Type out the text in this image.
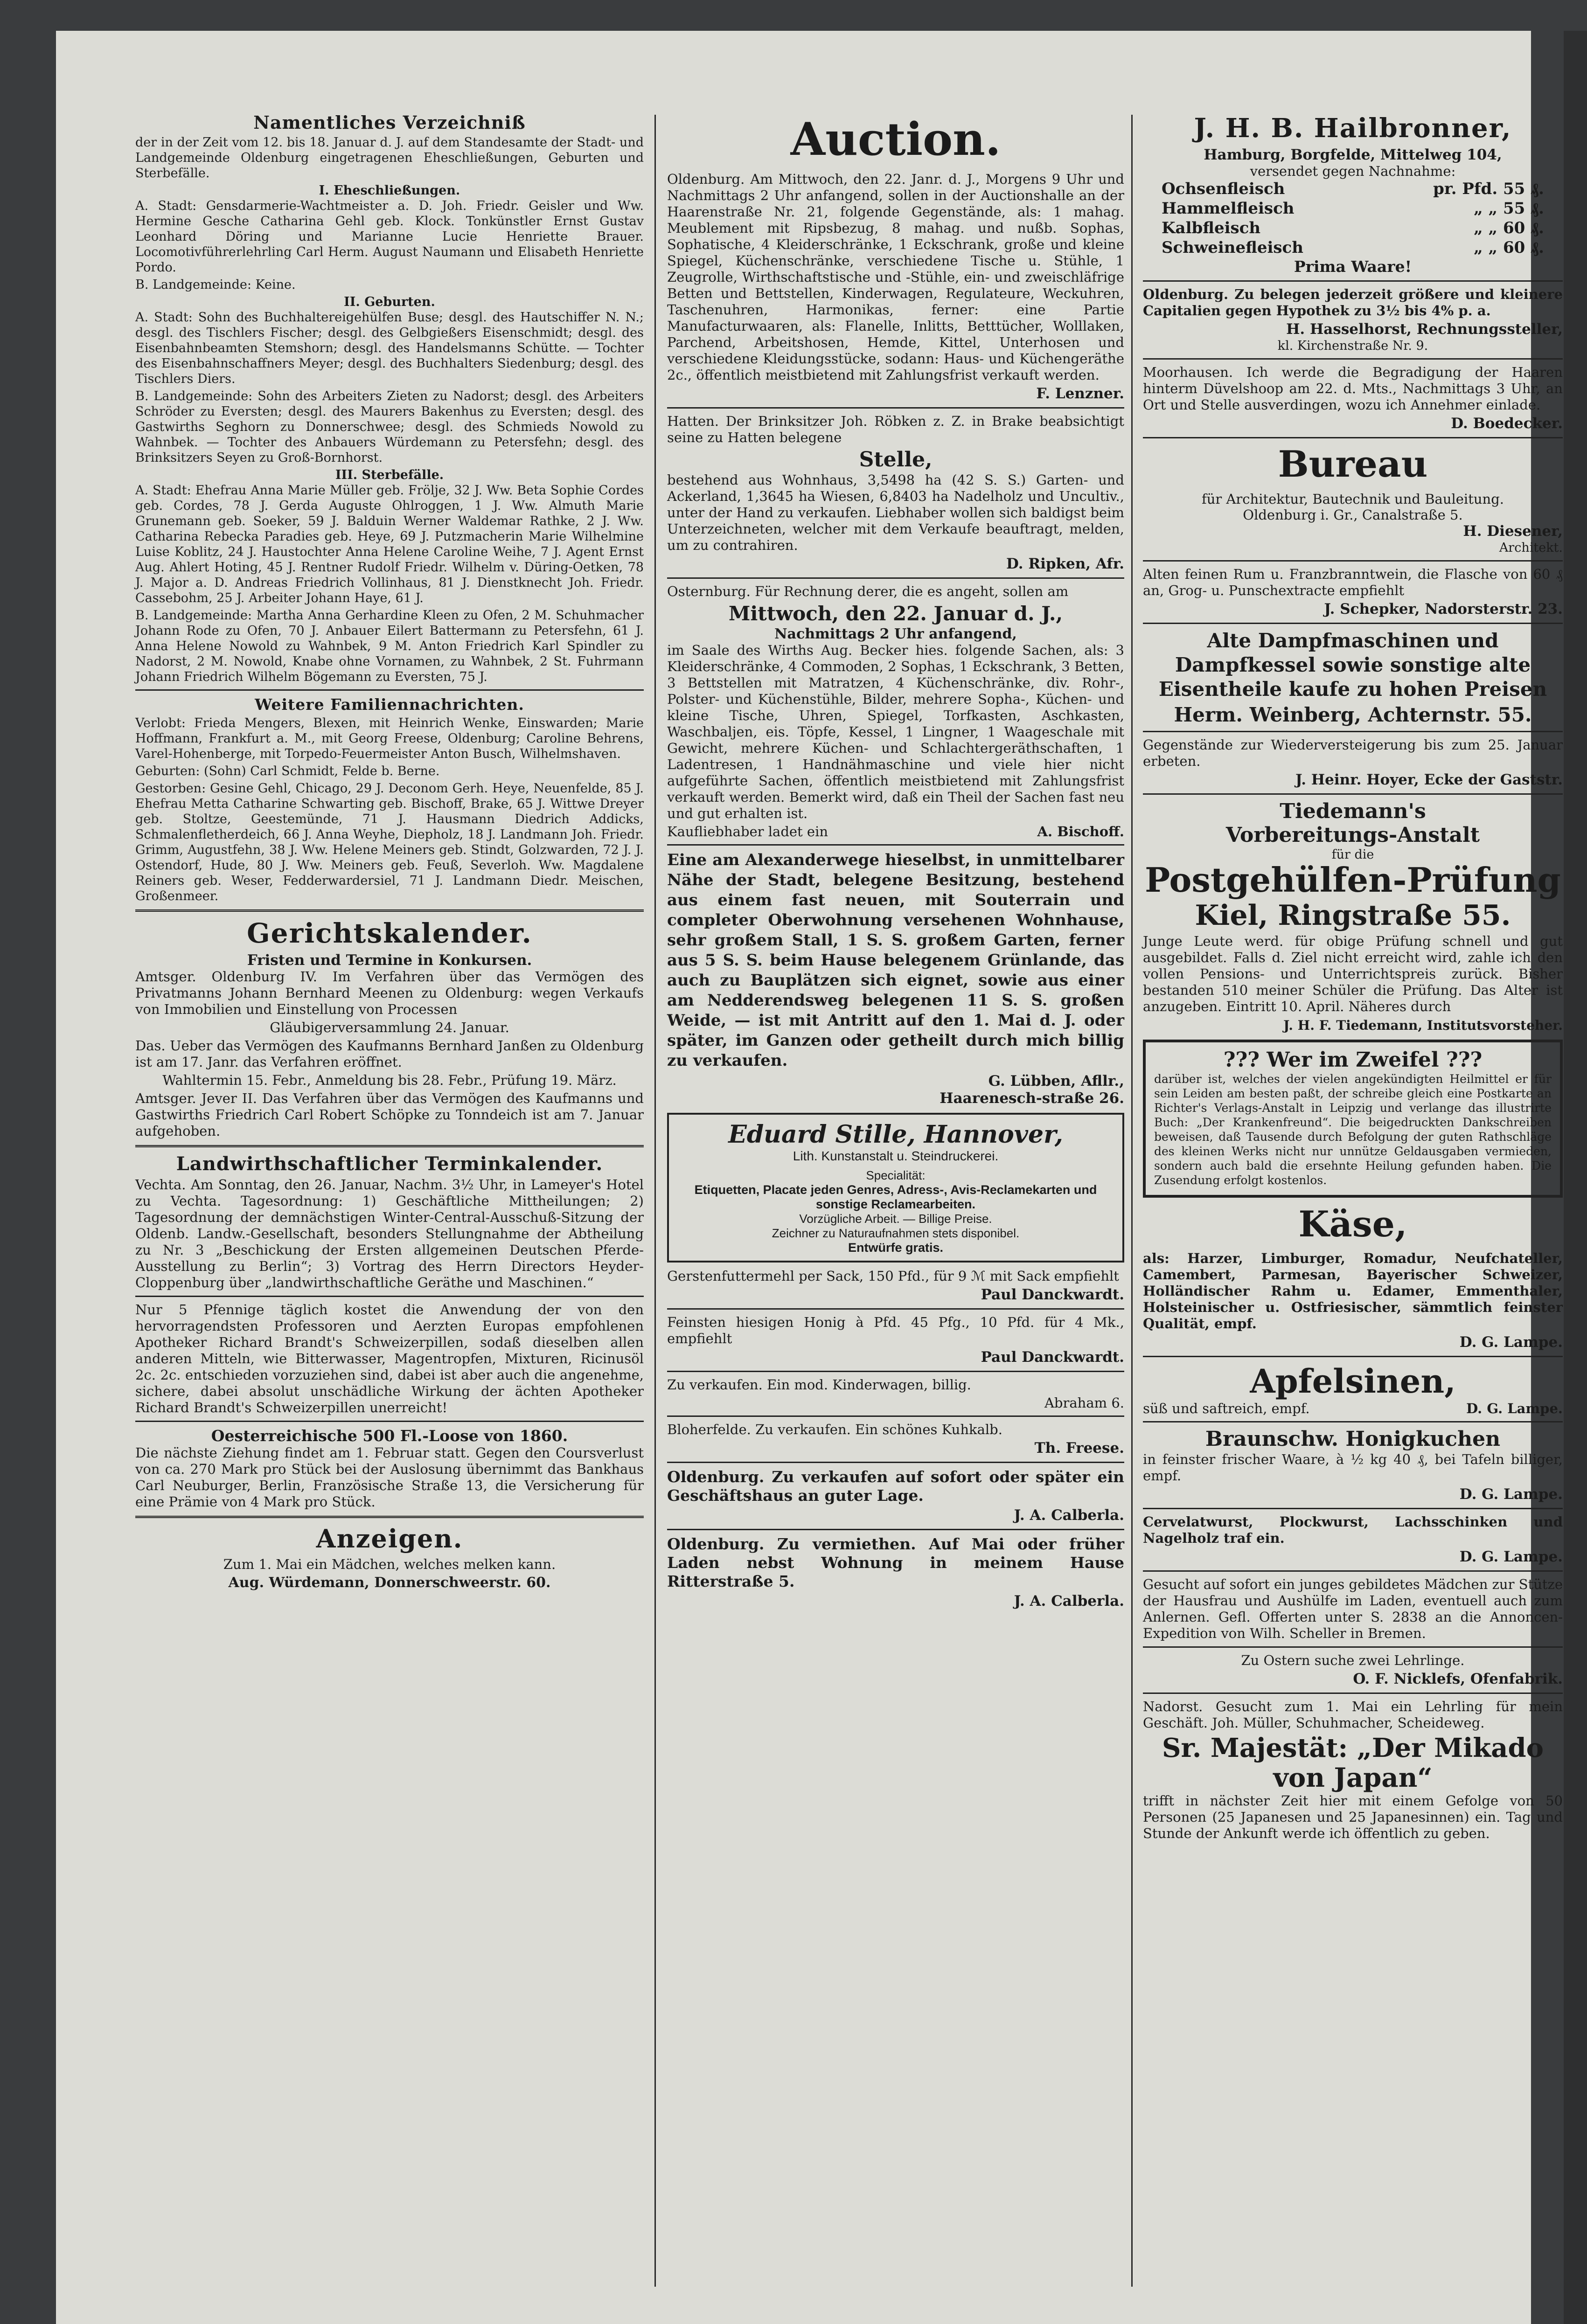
Namentliches Verzeichniß

der in der Zeit vom 12. bis 18. Januar d. J. auf dem Standesamte der Stadt- und Landgemeinde Oldenburg eingetragenen Eheschließungen, Geburten und Sterbefälle.

I. Eheschließungen.

A. Stadt: Gensdarmerie-Wachtmeister a. D. Joh. Friedr. Geisler und Ww. Hermine Gesche Catharina Gehl geb. Klock. Tonkünstler Ernst Gustav Leonhard Döring und Marianne Lucie Henriette Brauer. Locomotivführerlehrling Carl Herm. August Naumann und Elisabeth Henriette Pordo.

B. Landgemeinde: Keine.

II. Geburten.

A. Stadt: Sohn des Buchhaltereigehülfen Buse; desgl. des Hautschiffer N. N.; desgl. des Tischlers Fischer; desgl. des Gelbgießers Eisenschmidt; desgl. des Eisenbahnbeamten Stemshorn; desgl. des Handelsmanns Schütte. — Tochter des Eisenbahnschaffners Meyer; desgl. des Buchhalters Siedenburg; desgl. des Tischlers Diers.

B. Landgemeinde: Sohn des Arbeiters Zieten zu Nadorst; desgl. des Arbeiters Schröder zu Eversten; desgl. des Maurers Bakenhus zu Eversten; desgl. des Gastwirths Seghorn zu Donnerschwee; desgl. des Schmieds Nowold zu Wahnbek. — Tochter des Anbauers Würdemann zu Petersfehn; desgl. des Brinksitzers Seyen zu Groß-Bornhorst.

III. Sterbefälle.

A. Stadt: Ehefrau Anna Marie Müller geb. Frölje, 32 J. Ww. Beta Sophie Cordes geb. Cordes, 78 J. Gerda Auguste Ohlroggen, 1 J. Ww. Almuth Marie Grunemann geb. Soeker, 59 J. Balduin Werner Waldemar Rathke, 2 J. Ww. Catharina Rebecka Paradies geb. Heye, 69 J. Putzmacherin Marie Wilhelmine Luise Koblitz, 24 J. Haustochter Anna Helene Caroline Weihe, 7 J. Agent Ernst Aug. Ahlert Hoting, 45 J. Rentner Rudolf Friedr. Wilhelm v. Düring-Oetken, 78 J. Major a. D. Andreas Friedrich Vollinhaus, 81 J. Dienstknecht Joh. Friedr. Cassebohm, 25 J. Arbeiter Johann Haye, 61 J.

B. Landgemeinde: Martha Anna Gerhardine Kleen zu Ofen, 2 M. Schuhmacher Johann Rode zu Ofen, 70 J. Anbauer Eilert Battermann zu Petersfehn, 61 J. Anna Helene Nowold zu Wahnbek, 9 M. Anton Friedrich Karl Spindler zu Nadorst, 2 M. Nowold, Knabe ohne Vornamen, zu Wahnbek, 2 St. Fuhrmann Johann Friedrich Wilhelm Bögemann zu Eversten, 75 J.

Weitere Familiennachrichten.

Verlobt: Frieda Mengers, Blexen, mit Heinrich Wenke, Einswarden; Marie Hoffmann, Frankfurt a. M., mit Georg Freese, Oldenburg; Caroline Behrens, Varel-Hohenberge, mit Torpedo-Feuermeister Anton Busch, Wilhelmshaven.

Geburten: (Sohn) Carl Schmidt, Felde b. Berne.

Gestorben: Gesine Gehl, Chicago, 29 J. Deconom Gerh. Heye, Neuenfelde, 85 J. Ehefrau Metta Catharine Schwarting geb. Bischoff, Brake, 65 J. Wittwe Dreyer geb. Stoltze, Geestemünde, 71 J. Hausmann Diedrich Addicks, Schmalenfletherdeich, 66 J. Anna Weyhe, Diepholz, 18 J. Landmann Joh. Friedr. Grimm, Augustfehn, 38 J. Ww. Helene Meiners geb. Stindt, Golzwarden, 72 J. J. Ostendorf, Hude, 80 J. Ww. Meiners geb. Feuß, Severloh. Ww. Magdalene Reiners geb. Weser, Fedderwardersiel, 71 J. Landmann Diedr. Meischen, Großenmeer.

Gerichtskalender.
Fristen und Termine in Konkursen.

Amtsger. Oldenburg IV. Im Verfahren über das Vermögen des Privatmanns Johann Bernhard Meenen zu Oldenburg: wegen Verkaufs von Immobilien und Einstellung von Processen

Gläubigerversammlung 24. Januar.

Das. Ueber das Vermögen des Kaufmanns Bernhard Janßen zu Oldenburg ist am 17. Janr. das Verfahren eröffnet.

Wahltermin 15. Febr., Anmeldung bis 28. Febr., Prüfung 19. März.

Amtsger. Jever II. Das Verfahren über das Vermögen des Kaufmanns und Gastwirths Friedrich Carl Robert Schöpke zu Tonndeich ist am 7. Januar aufgehoben.

Landwirthschaftlicher Terminkalender.

Vechta. Am Sonntag, den 26. Januar, Nachm. 3½ Uhr, in Lameyer's Hotel zu Vechta. Tagesordnung: 1) Geschäftliche Mittheilungen; 2) Tagesordnung der demnächstigen Winter-Central-Ausschuß-Sitzung der Oldenb. Landw.-Gesellschaft, besonders Stellungnahme der Abtheilung zu Nr. 3 „Beschickung der Ersten allgemeinen Deutschen Pferde-Ausstellung zu Berlin“; 3) Vortrag des Herrn Directors Heyder-Cloppenburg über „landwirthschaftliche Geräthe und Maschinen.“

Nur 5 Pfennige täglich kostet die Anwendung der von den hervorragendsten Professoren und Aerzten Europas empfohlenen Apotheker Richard Brandt's Schweizerpillen, sodaß dieselben allen anderen Mitteln, wie Bitterwasser, Magentropfen, Mixturen, Ricinusöl 2c. 2c. entschieden vorzuziehen sind, dabei ist aber auch die angenehme, sichere, dabei absolut unschädliche Wirkung der ächten Apotheker Richard Brandt's Schweizerpillen unerreicht!

Oesterreichische 500 Fl.-Loose von 1860.

Die nächste Ziehung findet am 1. Februar statt. Gegen den Coursverlust von ca. 270 Mark pro Stück bei der Auslosung übernimmt das Bankhaus Carl Neuburger, Berlin, Französische Straße 13, die Versicherung für eine Prämie von 4 Mark pro Stück.

Anzeigen.

Zum 1. Mai ein Mädchen, welches melken kann.

Aug. Würdemann, Donnerschweerstr. 60.
Auction.

Oldenburg. Am Mittwoch, den 22. Janr. d. J., Morgens 9 Uhr und Nachmittags 2 Uhr anfangend, sollen in der Auctionshalle an der Haarenstraße Nr. 21, folgende Gegenstände, als: 1 mahag. Meublement mit Ripsbezug, 8 mahag. und nußb. Sophas, Sophatische, 4 Kleiderschränke, 1 Eckschrank, große und kleine Spiegel, Küchenschränke, verschiedene Tische u. Stühle, 1 Zeugrolle, Wirthschaftstische und -Stühle, ein- und zweischläfrige Betten und Bettstellen, Kinderwagen, Regulateure, Weckuhren, Taschenuhren, Harmonikas, ferner: eine Partie Manufacturwaaren, als: Flanelle, Inlitts, Betttücher, Wolllaken, Parchend, Arbeitshosen, Hemde, Kittel, Unterhosen und verschiedene Kleidungsstücke, sodann: Haus- und Küchengeräthe 2c., öffentlich meistbietend mit Zahlungsfrist verkauft werden.

F. Lenzner.

Hatten. Der Brinksitzer Joh. Röbken z. Z. in Brake beabsichtigt seine zu Hatten belegene

Stelle,

bestehend aus Wohnhaus, 3,5498 ha (42 S. S.) Garten- und Ackerland, 1,3645 ha Wiesen, 6,8403 ha Nadelholz und Uncultiv., unter der Hand zu verkaufen. Liebhaber wollen sich baldigst beim Unterzeichneten, welcher mit dem Verkaufe beauftragt, melden, um zu contrahiren.

D. Ripken, Afr.

Osternburg. Für Rechnung derer, die es angeht, sollen am

Mittwoch, den 22. Januar d. J.,
Nachmittags 2 Uhr anfangend,

im Saale des Wirths Aug. Becker hies. folgende Sachen, als: 3 Kleiderschränke, 4 Commoden, 2 Sophas, 1 Eckschrank, 3 Betten, 3 Bettstellen mit Matratzen, 4 Küchenschränke, div. Rohr-, Polster- und Küchenstühle, Bilder, mehrere Sopha-, Küchen- und kleine Tische, Uhren, Spiegel, Torfkasten, Aschkasten, Waschbaljen, eis. Töpfe, Kessel, 1 Lingner, 1 Waageschale mit Gewicht, mehrere Küchen- und Schlachtergeräthschaften, 1 Ladentresen, 1 Handnähmaschine und viele hier nicht aufgeführte Sachen, öffentlich meistbietend mit Zahlungsfrist verkauft werden. Bemerkt wird, daß ein Theil der Sachen fast neu und gut erhalten ist.

Kaufliebhaber ladet ein	A. Bischoff.

Eine am Alexanderwege hieselbst, in unmittelbarer Nähe der Stadt, belegene Besitzung, bestehend aus einem fast neuen, mit Souterrain und completer Oberwohnung versehenen Wohnhause, sehr großem Stall, 1 S. S. großem Garten, ferner aus 5 S. S. beim Hause belegenem Grünlande, das auch zu Bauplätzen sich eignet, sowie aus einer am Nedderendsweg belegenen 11 S. S. großen Weide, — ist mit Antritt auf den 1. Mai d. J. oder später, im Ganzen oder getheilt durch mich billig zu verkaufen.

G. Lübben, Afllr.,
Haarenesch-straße 26.
Eduard Stille, Hannover,
Lith. Kunstanstalt u. Steindruckerei.
Specialität:
Etiquetten, Placate jeden Genres, Adress-, Avis-Reclamekarten und sonstige Reclamearbeiten.
Vorzügliche Arbeit. — Billige Preise.
Zeichner zu Naturaufnahmen stets disponibel.
Entwürfe gratis.

Gerstenfuttermehl per Sack, 150 Pfd., für 9 ℳ mit Sack empfiehlt

Paul Danckwardt.

Feinsten hiesigen Honig à Pfd. 45 Pfg., 10 Pfd. für 4 Mk., empfiehlt

Paul Danckwardt.

Zu verkaufen. Ein mod. Kinderwagen, billig.

Abraham 6.

Bloherfelde. Zu verkaufen. Ein schönes Kuhkalb.

Th. Freese.

Oldenburg. Zu verkaufen auf sofort oder später ein Geschäftshaus an guter Lage.

J. A. Calberla.

Oldenburg. Zu vermiethen. Auf Mai oder früher Laden nebst Wohnung in meinem Hause Ritterstraße 5.

J. A. Calberla.
J. H. B. Hailbronner,
Hamburg, Borgfelde, Mittelweg 104,
versendet gegen Nachnahme:
Ochsenfleisch	pr. Pfd. 55 ₰.
Hammelfleisch	„ „ 55 ₰.
Kalbfleisch	„ „ 60 ₰.
Schweinefleisch	„ „ 60 ₰.
Prima Waare!

Oldenburg. Zu belegen jederzeit größere und kleinere Capitalien gegen Hypothek zu 3½ bis 4% p. a.

H. Hasselhorst, Rechnungssteller,
kl. Kirchenstraße Nr. 9.

Moorhausen. Ich werde die Begradigung der Haaren hinterm Düvelshoop am 22. d. Mts., Nachmittags 3 Uhr, an Ort und Stelle ausverdingen, wozu ich Annehmer einlade.

D. Boedecker.
Bureau
für Architektur, Bautechnik und Bauleitung.
Oldenburg i. Gr., Canalstraße 5.
H. Diesener,
Architekt.

Alten feinen Rum u. Franzbranntwein, die Flasche von 60 ₰ an, Grog- u. Punschextracte empfiehlt

J. Schepker, Nadorsterstr. 23.

Alte Dampfmaschinen und Dampfkessel sowie sonstige alte Eisentheile kaufe zu hohen Preisen

Herm. Weinberg, Achternstr. 55.

Gegenstände zur Wiederversteigerung bis zum 25. Januar erbeten.

J. Heinr. Hoyer, Ecke der Gaststr.
Tiedemann's
Vorbereitungs-Anstalt
für die
Postgehülfen-Prüfung
Kiel, Ringstraße 55.

Junge Leute werd. für obige Prüfung schnell und gut ausgebildet. Falls d. Ziel nicht erreicht wird, zahle ich den vollen Pensions- und Unterrichtspreis zurück. Bisher bestanden 510 meiner Schüler die Prüfung. Das Alter ist anzugeben. Eintritt 10. April. Näheres durch

J. H. F. Tiedemann, Institutsvorsteher.
??? Wer im Zweifel ???

darüber ist, welches der vielen angekündigten Heilmittel er für sein Leiden am besten paßt, der schreibe gleich eine Postkarte an Richter's Verlags-Anstalt in Leipzig und verlange das illustrirte Buch: „Der Krankenfreund“. Die beigedruckten Dankschreiben beweisen, daß Tausende durch Befolgung der guten Rathschläge des kleinen Werks nicht nur unnütze Geldausgaben vermieden, sondern auch bald die ersehnte Heilung gefunden haben. Die Zusendung erfolgt kostenlos.

Käse,

als: Harzer, Limburger, Romadur, Neufchateller, Camembert, Parmesan, Bayerischer Schweizer, Holländischer Rahm u. Edamer, Emmenthaler, Holsteinischer u. Ostfriesischer, sämmtlich feinster Qualität, empf.

D. G. Lampe.
Apfelsinen,
süß und saftreich, empf.	D. G. Lampe.
Braunschw. Honigkuchen

in feinster frischer Waare, à ½ kg 40 ₰, bei Tafeln billiger, empf.

D. G. Lampe.

Cervelatwurst, Plockwurst, Lachsschinken und Nagelholz traf ein.

D. G. Lampe.

Gesucht auf sofort ein junges gebildetes Mädchen zur Stütze der Hausfrau und Aushülfe im Laden, eventuell auch zum Anlernen. Gefl. Offerten unter S. 2838 an die Annoncen-Expedition von Wilh. Scheller in Bremen.

Zu Ostern suche zwei Lehrlinge.

O. F. Nicklefs, Ofenfabrik.

Nadorst. Gesucht zum 1. Mai ein Lehrling für mein Geschäft. Joh. Müller, Schuhmacher, Scheideweg.

Sr. Majestät: „Der Mikado von Japan“

trifft in nächster Zeit hier mit einem Gefolge von 50 Personen (25 Japanesen und 25 Japanesinnen) ein. Tag und Stunde der Ankunft werde ich öffentlich zu geben.
